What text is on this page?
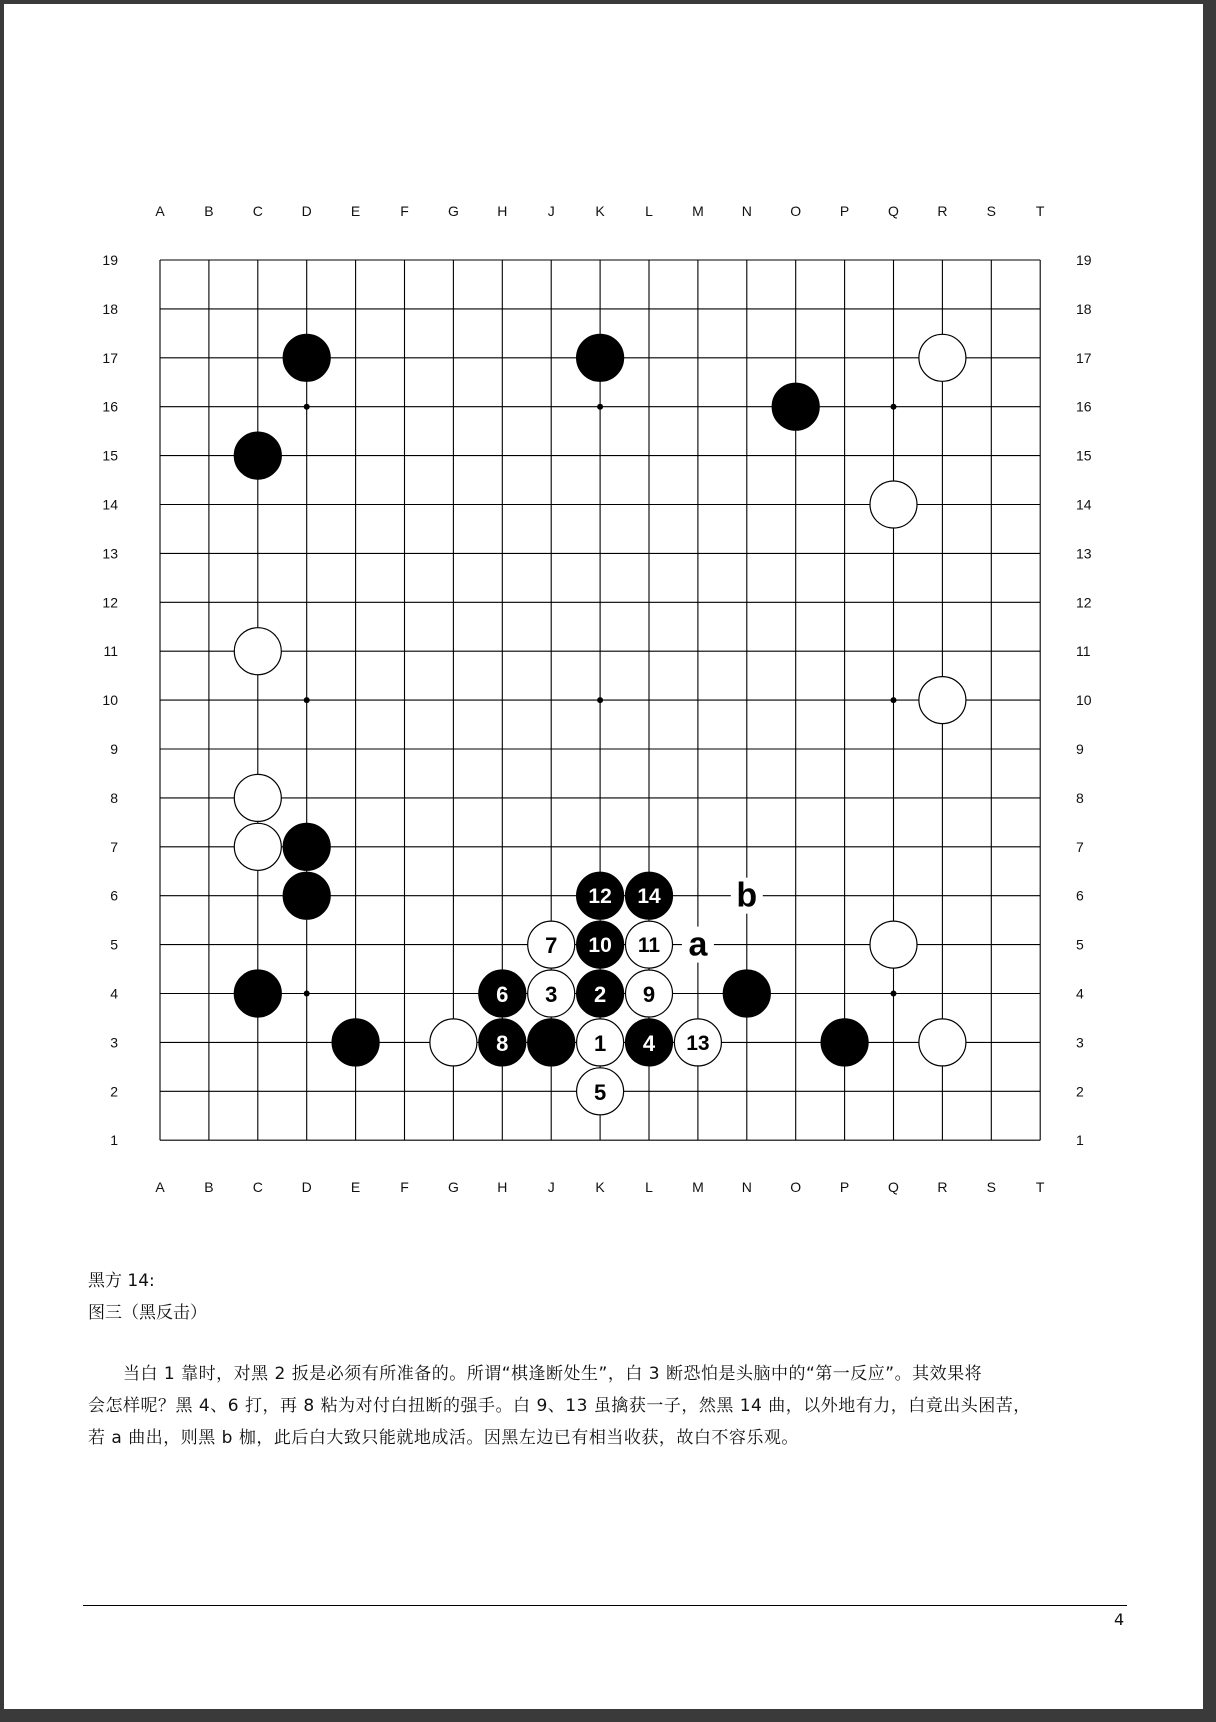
A
A
B
B
C
C
D
D
E
E
F
F
G
G
H
H
J
J
K
K
L
L
M
M
N
N
O
O
P
P
Q
Q
R
R
S
S
T
T
1	1
2	2
3	3
4	4
5	5
6	6
7	7
8	8
9	9
10	10
11	11
12	12
13	13
14	14
15	15
16	16
17	17
18	18
19	19
12 14
7 10 11
6 3 2 9
8	1 4 13
5
a
b
黑方 14:
图三（黑反击）
　　当白 1 靠时，对黑 2 扳是必须有所准备的。所谓“棋逢断处生”，白 3 断恐怕是头脑中的“第一反应”。其效果将
会怎样呢？黑 4、6 打，再 8 粘为对付白扭断的强手。白 9、13 虽擒获一子，然黑 14 曲，以外地有力，白竟出头困苦，
若 a 曲出，则黑 b 枷，此后白大致只能就地成活。因黑左边已有相当收获，故白不容乐观。
4
